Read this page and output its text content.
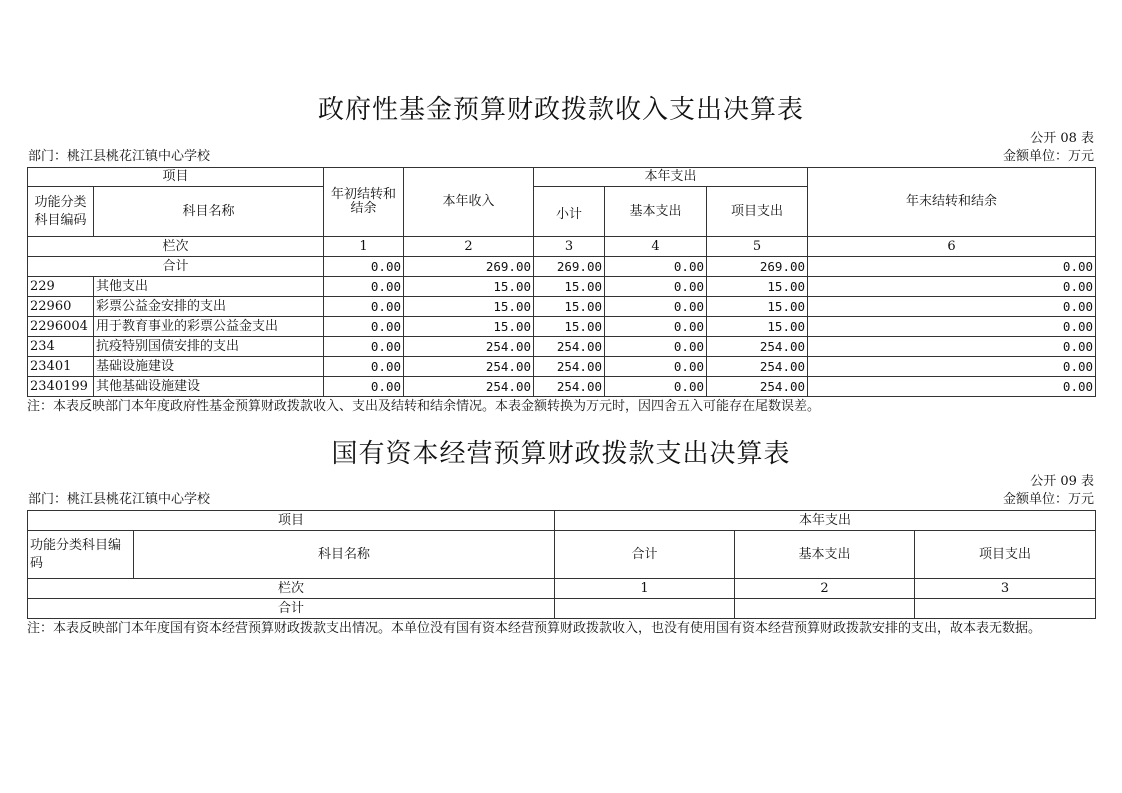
政府性基金预算财政拨款收入支出决算表
公开 08 表
部门：桃江县桃花江镇中心学校	金额单位：万元
项目		年初结转和结余	本年收入	本年支出			年末结转和结余
功能分类科目编码	科目名称			小计	基本支出	项目支出	
栏次		1	2	3	4	5	6
合计		0.00	269.00	269.00	0.00	269.00	0.00
229	其他支出	0.00	15.00	15.00	0.00	15.00	0.00
22960	彩票公益金安排的支出	0.00	15.00	15.00	0.00	15.00	0.00
2296004	用于教育事业的彩票公益金支出	0.00	15.00	15.00	0.00	15.00	0.00
234	抗疫特别国债安排的支出	0.00	254.00	254.00	0.00	254.00	0.00
23401	基础设施建设	0.00	254.00	254.00	0.00	254.00	0.00
2340199	其他基础设施建设	0.00	254.00	254.00	0.00	254.00	0.00
注：本表反映部门本年度政府性基金预算财政拨款收入、支出及结转和结余情况。本表金额转换为万元时，因四舍五入可能存在尾数误差。
国有资本经营预算财政拨款支出决算表
公开 09 表
部门：桃江县桃花江镇中心学校	金额单位：万元
项目		本年支出		
功能分类科目编码	科目名称	合计	基本支出	项目支出
栏次		1	2	3
合计				
注：本表反映部门本年度国有资本经营预算财政拨款支出情况。本单位没有国有资本经营预算财政拨款收入，也没有使用国有资本经营预算财政拨款安排的支出，故本表无数据。
